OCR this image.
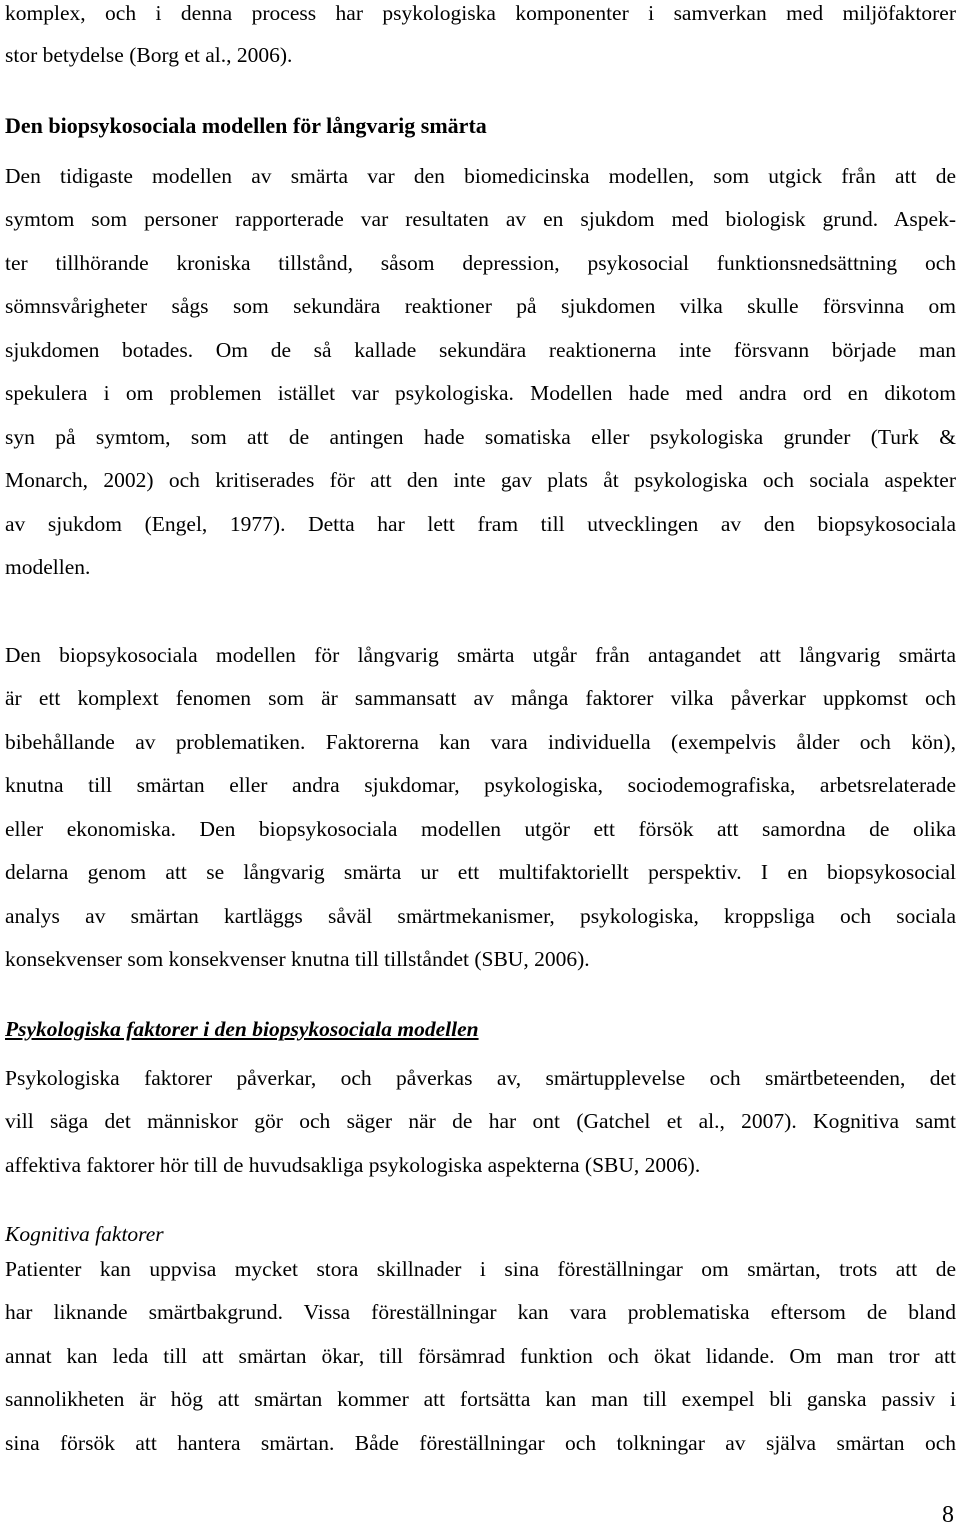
komplex, och i denna process har psykologiska komponenter i samverkan med miljöfaktorer
stor betydelse (Borg et al., 2006).
Den biopsykosociala modellen för långvarig smärta
Den tidigaste modellen av smärta var den biomedicinska modellen, som utgick från att de
symtom som personer rapporterade var resultaten av en sjukdom med biologisk grund. Aspek-
ter tillhörande kroniska tillstånd, såsom depression, psykosocial funktionsnedsättning och
sömnsvårigheter sågs som sekundära reaktioner på sjukdomen vilka skulle försvinna om
sjukdomen botades. Om de så kallade sekundära reaktionerna inte försvann började man
spekulera i om problemen istället var psykologiska. Modellen hade med andra ord en dikotom
syn på symtom, som att de antingen hade somatiska eller psykologiska grunder (Turk &
Monarch, 2002) och kritiserades för att den inte gav plats åt psykologiska och sociala aspekter
av sjukdom (Engel, 1977). Detta har lett fram till utvecklingen av den biopsykosociala
modellen.
Den biopsykosociala modellen för långvarig smärta utgår från antagandet att långvarig smärta
är ett komplext fenomen som är sammansatt av många faktorer vilka påverkar uppkomst och
bibehållande av problematiken. Faktorerna kan vara individuella (exempelvis ålder och kön),
knutna till smärtan eller andra sjukdomar, psykologiska, sociodemografiska, arbetsrelaterade
eller ekonomiska. Den biopsykosociala modellen utgör ett försök att samordna de olika
delarna genom att se långvarig smärta ur ett multifaktoriellt perspektiv. I en biopsykosocial
analys av smärtan kartläggs såväl smärtmekanismer, psykologiska, kroppsliga och sociala
konsekvenser som konsekvenser knutna till tillståndet (SBU, 2006).
Psykologiska faktorer i den biopsykosociala modellen
Psykologiska faktorer påverkar, och påverkas av, smärtupplevelse och smärtbeteenden, det
vill säga det människor gör och säger när de har ont (Gatchel et al., 2007). Kognitiva samt
affektiva faktorer hör till de huvudsakliga psykologiska aspekterna (SBU, 2006).
Kognitiva faktorer
Patienter kan uppvisa mycket stora skillnader i sina föreställningar om smärtan, trots att de
har liknande smärtbakgrund. Vissa föreställningar kan vara problematiska eftersom de bland
annat kan leda till att smärtan ökar, till försämrad funktion och ökat lidande. Om man tror att
sannolikheten är hög att smärtan kommer att fortsätta kan man till exempel bli ganska passiv i
sina försök att hantera smärtan. Både föreställningar och tolkningar av själva smärtan och
8
